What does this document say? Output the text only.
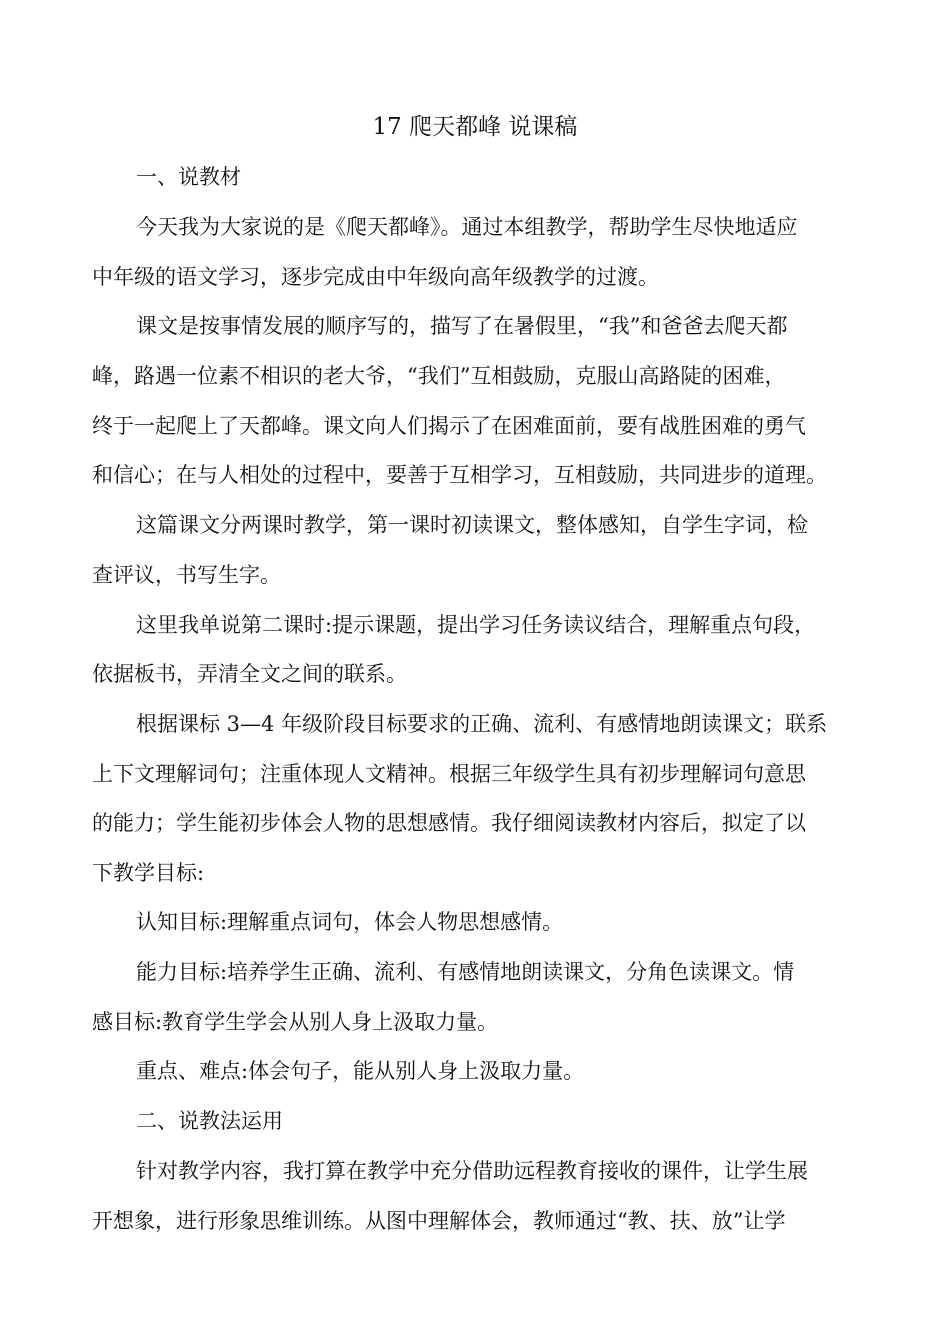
17 爬天都峰 说课稿
一、说教材
今天我为大家说的是《爬天都峰》。通过本组教学，帮助学生尽快地适应
中年级的语文学习，逐步完成由中年级向高年级教学的过渡。
课文是按事情发展的顺序写的，描写了在暑假里，“我”和爸爸去爬天都
峰，路遇一位素不相识的老大爷，“我们”互相鼓励，克服山高路陡的困难，
终于一起爬上了天都峰。课文向人们揭示了在困难面前，要有战胜困难的勇气
和信心；在与人相处的过程中，要善于互相学习，互相鼓励，共同进步的道理。
这篇课文分两课时教学，第一课时初读课文，整体感知，自学生字词，检
查评议，书写生字。
这里我单说第二课时:提示课题，提出学习任务读议结合，理解重点句段，
依据板书，弄清全文之间的联系。
根据课标 3—4 年级阶段目标要求的正确、流利、有感情地朗读课文；联系
上下文理解词句；注重体现人文精神。根据三年级学生具有初步理解词句意思
的能力；学生能初步体会人物的思想感情。我仔细阅读教材内容后，拟定了以
下教学目标:
认知目标:理解重点词句，体会人物思想感情。
能力目标:培养学生正确、流利、有感情地朗读课文，分角色读课文。情
感目标:教育学生学会从别人身上汲取力量。
重点、难点:体会句子，能从别人身上汲取力量。
二、说教法运用
针对教学内容，我打算在教学中充分借助远程教育接收的课件，让学生展
开想象，进行形象思维训练。从图中理解体会，教师通过“教、扶、放”让学
